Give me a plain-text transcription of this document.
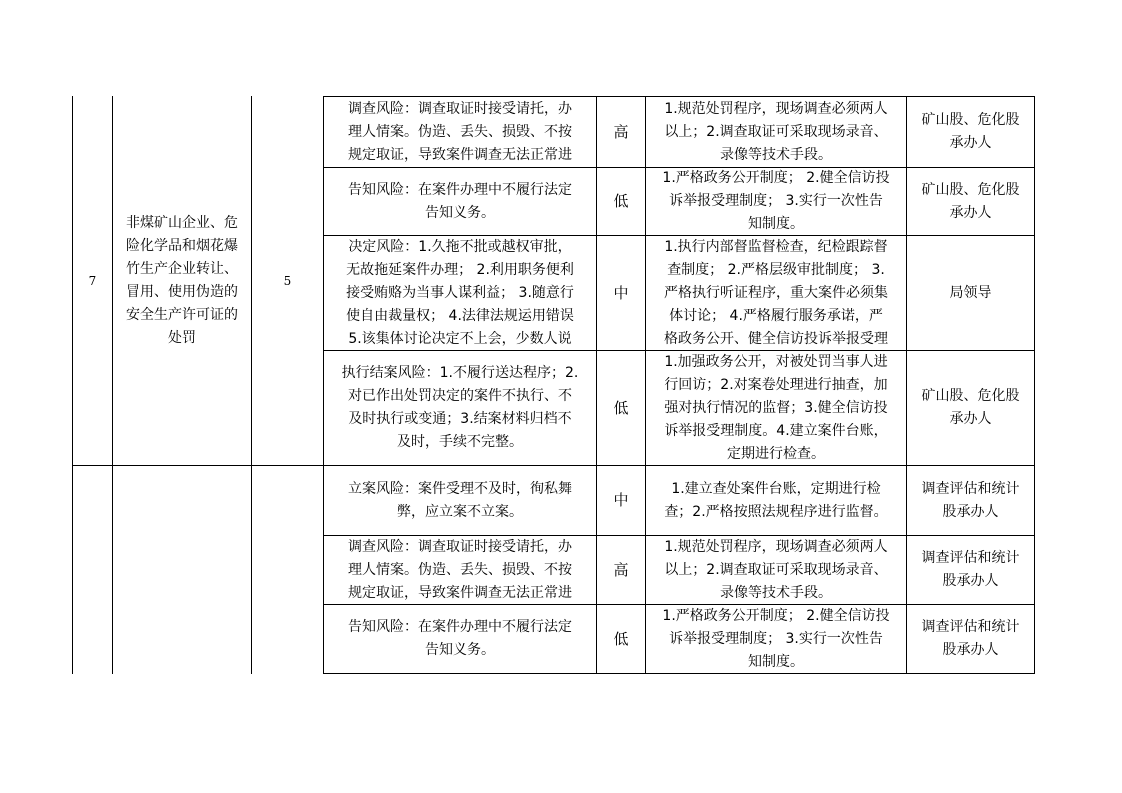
7
非煤矿山企业、危
险化学品和烟花爆
竹生产企业转让、
冒用、使用伪造的
安全生产许可证的
处罚
5
调查风险：调查取证时接受请托，办
理人情案。伪造、丢失、损毁、不按
规定取证，导致案件调查无法正常进
高
1.规范处罚程序，现场调查必须两人
以上；2.调查取证可采取现场录音、
录像等技术手段。
矿山股、危化股
承办人
告知风险：在案件办理中不履行法定
告知义务。
低
1.严格政务公开制度； 2.健全信访投
诉举报受理制度； 3.实行一次性告
知制度。
矿山股、危化股
承办人
决定风险：1.久拖不批或越权审批，
无故拖延案件办理； 2.利用职务便利
接受贿赂为当事人谋利益； 3.随意行
使自由裁量权； 4.法律法规运用错误
5.该集体讨论决定不上会，少数人说
中
1.执行内部督监督检查，纪检跟踪督
查制度； 2.严格层级审批制度； 3.
严格执行听证程序，重大案件必须集
体讨论； 4.严格履行服务承诺，严
格政务公开、健全信访投诉举报受理
局领导
执行结案风险：1.不履行送达程序；2.
对已作出处罚决定的案件不执行、不
及时执行或变通；3.结案材料归档不
及时，手续不完整。
低
1.加强政务公开，对被处罚当事人进
行回访；2.对案卷处理进行抽查，加
强对执行情况的监督；3.健全信访投
诉举报受理制度。4.建立案件台账，
定期进行检查。
矿山股、危化股
承办人
立案风险：案件受理不及时，徇私舞
弊，应立案不立案。
中
1.建立查处案件台账，定期进行检
查；2.严格按照法规程序进行监督。
调查评估和统计
股承办人
调查风险：调查取证时接受请托，办
理人情案。伪造、丢失、损毁、不按
规定取证，导致案件调查无法正常进
高
1.规范处罚程序，现场调查必须两人
以上；2.调查取证可采取现场录音、
录像等技术手段。
调查评估和统计
股承办人
告知风险：在案件办理中不履行法定
告知义务。
低
1.严格政务公开制度； 2.健全信访投
诉举报受理制度； 3.实行一次性告
知制度。
调查评估和统计
股承办人
